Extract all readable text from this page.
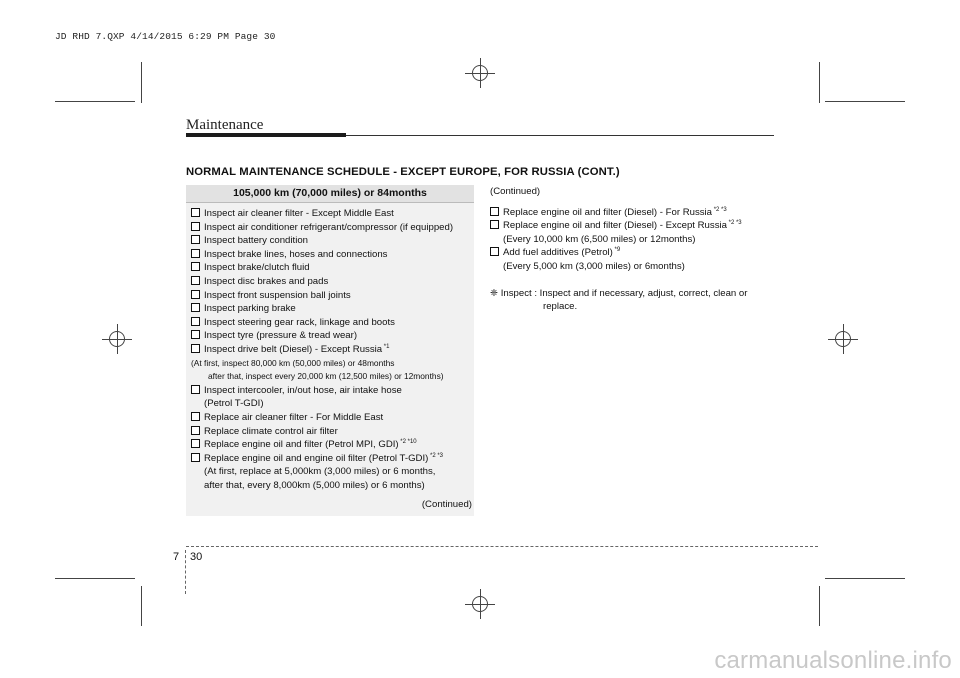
JD RHD 7.QXP 4/14/2015 6:29 PM Page 30
Maintenance
NORMAL MAINTENANCE SCHEDULE - EXCEPT EUROPE, FOR RUSSIA (CONT.)
105,000 km (70,000 miles) or 84months
Inspect air cleaner filter - Except Middle East
Inspect air conditioner refrigerant/compressor (if equipped)
Inspect battery condition
Inspect brake lines, hoses and connections
Inspect brake/clutch fluid
Inspect disc brakes and pads
Inspect front suspension ball joints
Inspect parking brake
Inspect steering gear rack, linkage and boots
Inspect tyre (pressure & tread wear)
Inspect drive belt (Diesel) - Except Russia $^{*1}$
(At first, inspect 80,000 km (50,000 miles) or 48months
after that, inspect every 20,000 km (12,500 miles) or 12months)
Inspect intercooler, in/out hose, air intake hose
(Petrol T-GDI)
Replace air cleaner filter - For Middle East
Replace climate control air filter
Replace engine oil and filter (Petrol MPI, GDI) $^{*2 *10}$
Replace engine oil and engine oil filter (Petrol T-GDI) $^{*2 *3}$
(At first, replace at 5,000km (3,000 miles) or 6 months,
after that, every 8,000km (5,000 miles) or 6 months)
(Continued)
(Continued)
Replace engine oil and filter (Diesel) - For Russia $^{*2 *3}$
Replace engine oil and filter (Diesel) - Except Russia $^{*2 *3}$
(Every 10,000 km (6,500 miles) or 12months)
Add fuel additives (Petrol) $^{*9}$
(Every 5,000 km (3,000 miles) or 6months)
❈ Inspect : Inspect and if necessary, adjust, correct, clean or
replace.
7 30
carmanualsonline.info
